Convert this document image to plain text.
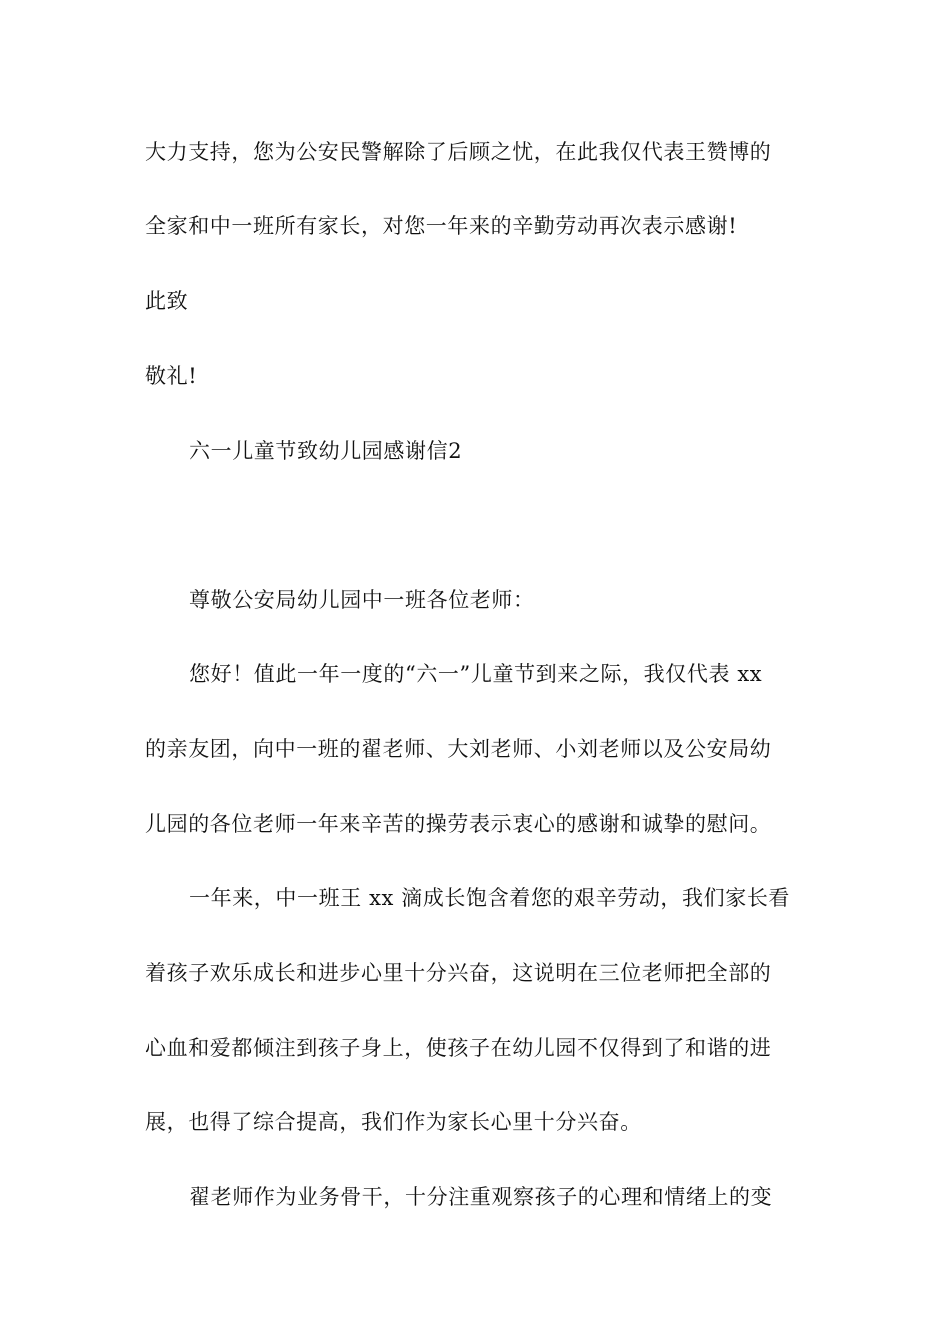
大力支持，您为公安民警解除了后顾之忧，在此我仅代表王赞博的
全家和中一班所有家长，对您一年来的辛勤劳动再次表示感谢!
此致
敬礼!
六一儿童节致幼儿园感谢信2
尊敬公安局幼儿园中一班各位老师：
您好！值此一年一度的“六一”儿童节到来之际，我仅代表 xx
的亲友团，向中一班的翟老师、大刘老师、小刘老师以及公安局幼
儿园的各位老师一年来辛苦的操劳表示衷心的感谢和诚挚的慰问。
一年来，中一班王 xx 滴成长饱含着您的艰辛劳动，我们家长看
着孩子欢乐成长和进步心里十分兴奋，这说明在三位老师把全部的
心血和爱都倾注到孩子身上，使孩子在幼儿园不仅得到了和谐的进
展，也得了综合提高，我们作为家长心里十分兴奋。
翟老师作为业务骨干，十分注重观察孩子的心理和情绪上的变
